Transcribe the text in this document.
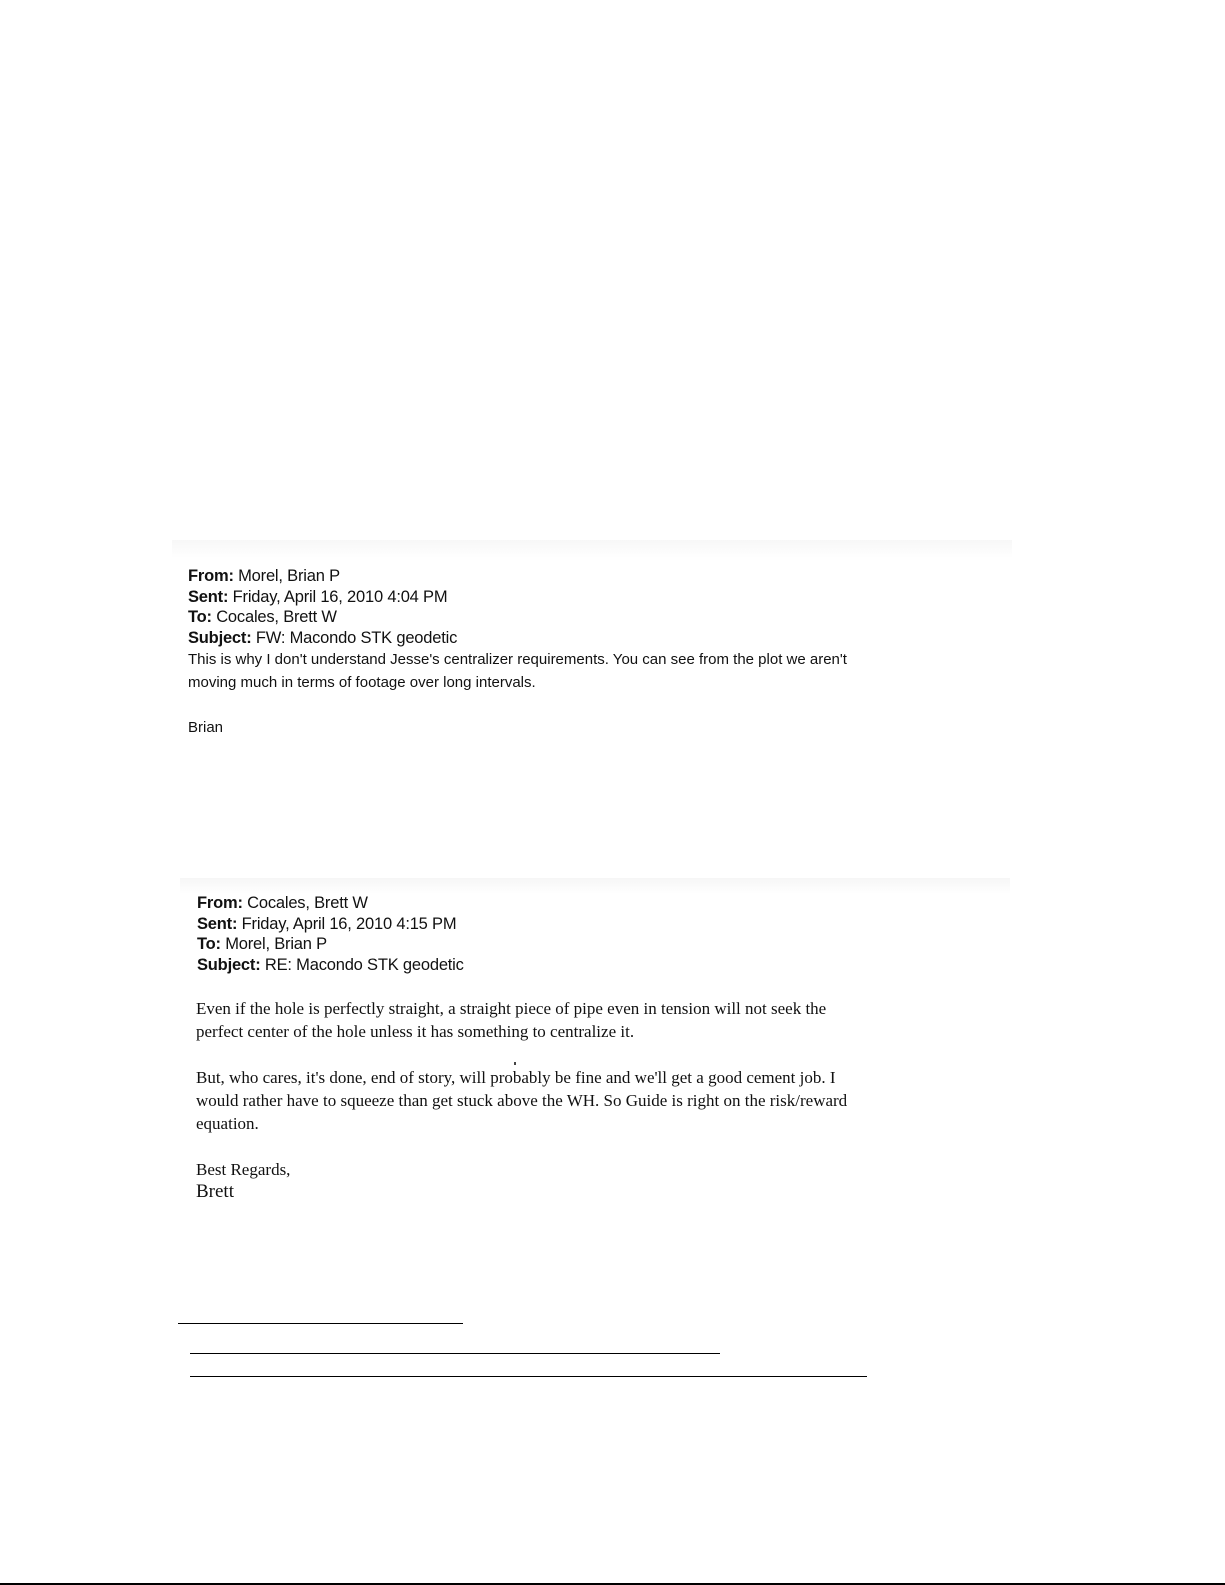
From: Morel, Brian P
Sent: Friday, April 16, 2010 4:04 PM
To: Cocales, Brett W
Subject: FW: Macondo STK geodetic

This is why I don't understand Jesse's centralizer requirements. You can see from the plot we aren't

moving much in terms of footage over long intervals.

Brian

From: Cocales, Brett W
Sent: Friday, April 16, 2010 4:15 PM
To: Morel, Brian P
Subject: RE: Macondo STK geodetic

Even if the hole is perfectly straight, a straight piece of pipe even in tension will not seek the
perfect center of the hole unless it has something to centralize it.

But, who cares, it's done, end of story, will probably be fine and we'll get a good cement job. I
would rather have to squeeze than get stuck above the WH. So Guide is right on the risk/reward
equation.

Best Regards,

Brett
